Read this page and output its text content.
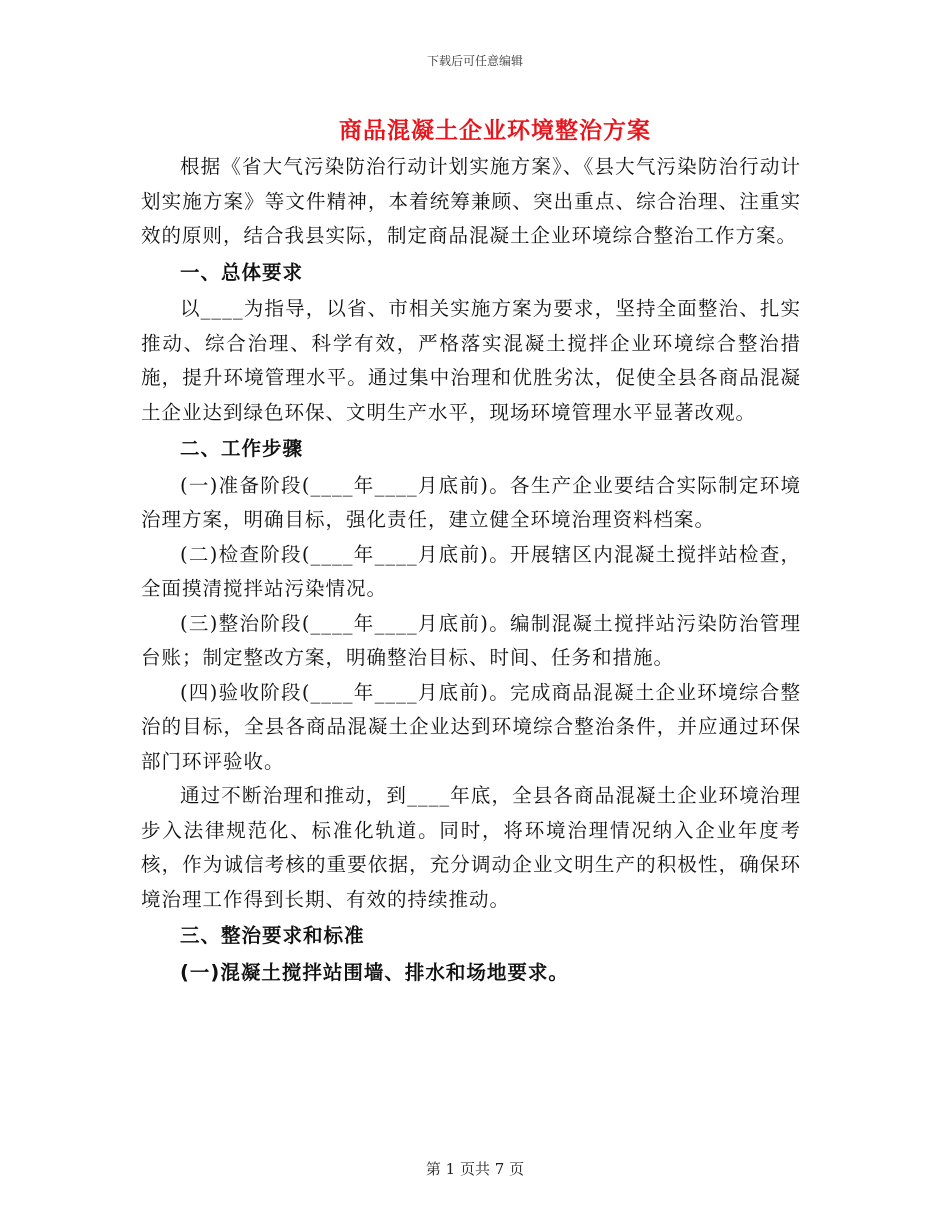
下载后可任意编辑
商品混凝土企业环境整治方案

根据《省大气污染防治行动计划实施方案》、《县大气污染防治行动计划实施方案》等文件精神，本着统筹兼顾、突出重点、综合治理、注重实效的原则，结合我县实际，制定商品混凝土企业环境综合整治工作方案。

一、总体要求

以____为指导，以省、市相关实施方案为要求，坚持全面整治、扎实推动、综合治理、科学有效，严格落实混凝土搅拌企业环境综合整治措施，提升环境管理水平。通过集中治理和优胜劣汰，促使全县各商品混凝土企业达到绿色环保、文明生产水平，现场环境管理水平显著改观。

二、工作步骤

(一)准备阶段(____年____月底前)。各生产企业要结合实际制定环境治理方案，明确目标，强化责任，建立健全环境治理资料档案。

(二)检查阶段(____年____月底前)。开展辖区内混凝土搅拌站检查，全面摸清搅拌站污染情况。

(三)整治阶段(____年____月底前)。编制混凝土搅拌站污染防治管理台账；制定整改方案，明确整治目标、时间、任务和措施。

(四)验收阶段(____年____月底前)。完成商品混凝土企业环境综合整治的目标，全县各商品混凝土企业达到环境综合整治条件，并应通过环保部门环评验收。

通过不断治理和推动，到____年底，全县各商品混凝土企业环境治理步入法律规范化、标准化轨道。同时，将环境治理情况纳入企业年度考核，作为诚信考核的重要依据，充分调动企业文明生产的积极性，确保环境治理工作得到长期、有效的持续推动。

三、整治要求和标准

(一)混凝土搅拌站围墙、排水和场地要求。

第 1 页共 7 页
